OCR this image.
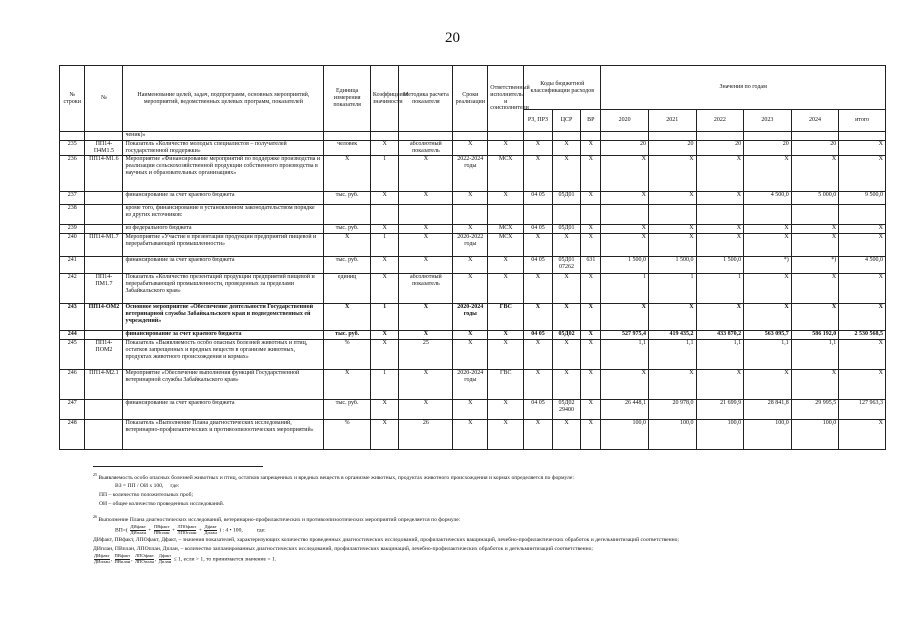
20
№ строки	№	Наименование целей, задач, подпрограмм, основных мероприятий, мероприятий, ведомственных целевых программ, показателей	Единица измерения показателя	Коэффициент значимости	Методика расчета показателя	Сроки реализации	Ответственный исполнитель и соисполнители	Коды бюджетной классификации расходов			Значения по годам					
								РЗ, ПРЗ	ЦСР	ВР	2020	2021	2022	2023	2024	итого
		ченик)»														
235	ПП14-П4М1.5	Показатель «Количество молодых специалистов – получателей государственной поддержки»	человек	X	абсолютный показатель	X	X	X	X	X	20	20	20	20	20	X
236	ПП14-М1.6	Мероприятие «Финансирование мероприятий по поддержке производства и реализации сельскохозяйственной продукции собственного производства в научных и образовательных организациях»	X	1	X	2022-2024 годы	МСХ	X	X	X	X	X	X	X	X	X
237		финансирование за счет краевого бюджета	тыс. руб.	X	X	X	X	04 05	05Д01	X	X	X	X	4 500,0	5 000,0	9 500,0
238		кроме того, финансирование в установленном законодательством порядке из других источников:														
239		из федерального бюджета	тыс. руб.	X	X	X	МСХ	04 05	05Д01	X	X	X	X	X	X	X
240	ПП14-М1.7	Мероприятие «Участие в презентации продукции предприятий пищевой и перерабатывающей промышленности»	X	1	X	2020-2022 годы	МСХ	X	X	X	X	X	X	X	X	X
241		финансирование за счет краевого бюджета	тыс. руб.	X	X	X	X	04 05	05Д01 07262	631	1 500,0	1 500,0	1 500,0	*)	*)	4 500,0
242	ПП14-ПМ1.7	Показатель «Количество презентаций продукции предприятий пищевой и перерабатывающей промышленности, проведенных за пределами Забайкальского края»	единиц	X	абсолютный показатель	X	X	X	X	X	1	1	1	X	X	X
243	ПП14-ОМ2	Основное мероприятие «Обеспечение деятельности Государственной ветеринарной службы Забайкальского края и подведомственных ей учреждений»	X	1	X	2020-2024 годы	ГВС	X	X	X	X	X	X	X	X	X
244		финансирование за счет краевого бюджета	тыс. руб.	X	X	X	X	04 05	05Д02	X	527 975,4	419 435,2	433 870,2	563 095,7	586 192,0	2 530 568,5
245	ПП14-ПОМ2	Показатель «Выявляемость особо опасных болезней животных и птиц, остатков запрещенных и вредных веществ в организме животных, продуктах животного происхождения и кормах»	%	X	25	X	X	X	X	X	1,1	1,1	1,1	1,1	1,1	X
246	ПП14-М2.1	Мероприятие «Обеспечение выполнения функций Государственной ветеринарной службы Забайкальского края»	X	1	X	2020-2024 годы	ГВС	X	X	X	X	X	X	X	X	X
247		финансирование за счет краевого бюджета	тыс. руб.	X	X	X	X	04 05	05Д02 29400	X	26 448,1	20 978,0	21 699,9	28 841,8	29 995,5	127 963,3
248		Показатель «Выполнение Плана диагностических исследований, ветеринарно-профилактических и противоэпизоотических мероприятий»	%	X	26	X	X	X	X	X	100,0	100,0	100,0	100,0	100,0	X

$^{25}$ Выявляемость особо опасных болезней животных и птиц, остатков запрещенных и вредных веществ в организме животных, продуктах животного происхождения и кормах определяется по формуле:

ВЗ = ПП / ОИ х 100, где:

ПП – количество положительных проб;

ОИ – общее количество проведенных исследований.

$^{26}$ Выполнение Плана диагностических исследований, ветеринарно-профилактических и противоэпизоотических мероприятий определяется по формуле:

$ВП=( \frac{\text{ДИфакт}}{\text{ДИплан}} + \frac{\text{ПВфакт}}{\text{ПВплан}} + \frac{\text{ЛПОфакт}}{\text{ЛПОплан}} + \frac{\text{Дфакт}}{\text{Дплан}}$ ) : 4 • 100, где:

ДИфакт, ПВфакт, ЛПОфакт, Дфакт, – значения показателей, характеризующих количество проведенных диагностических исследований, профилактических вакцинаций, лечебно-профилактических обработок и дегельминтизаций соответственно;

ДИплан, ПВплан, ЛПОплан, Дплан, – количество запланированных диагностических исследований, профилактических вакцинаций, лечебно-профилактических обработок и дегельминтизаций соответственно;

$\frac{\text{ДИфакт}}{\text{ДИплан}}$ , $\frac{\text{ПВфакт}}{\text{ПВплан}}$ , $\frac{\text{ЛПОфакт}}{\text{ЛПОплан}}$ , $\frac{\text{Дфакт}}{\text{Дплан}} \le 1$, если > 1, то принимается значение = 1.
